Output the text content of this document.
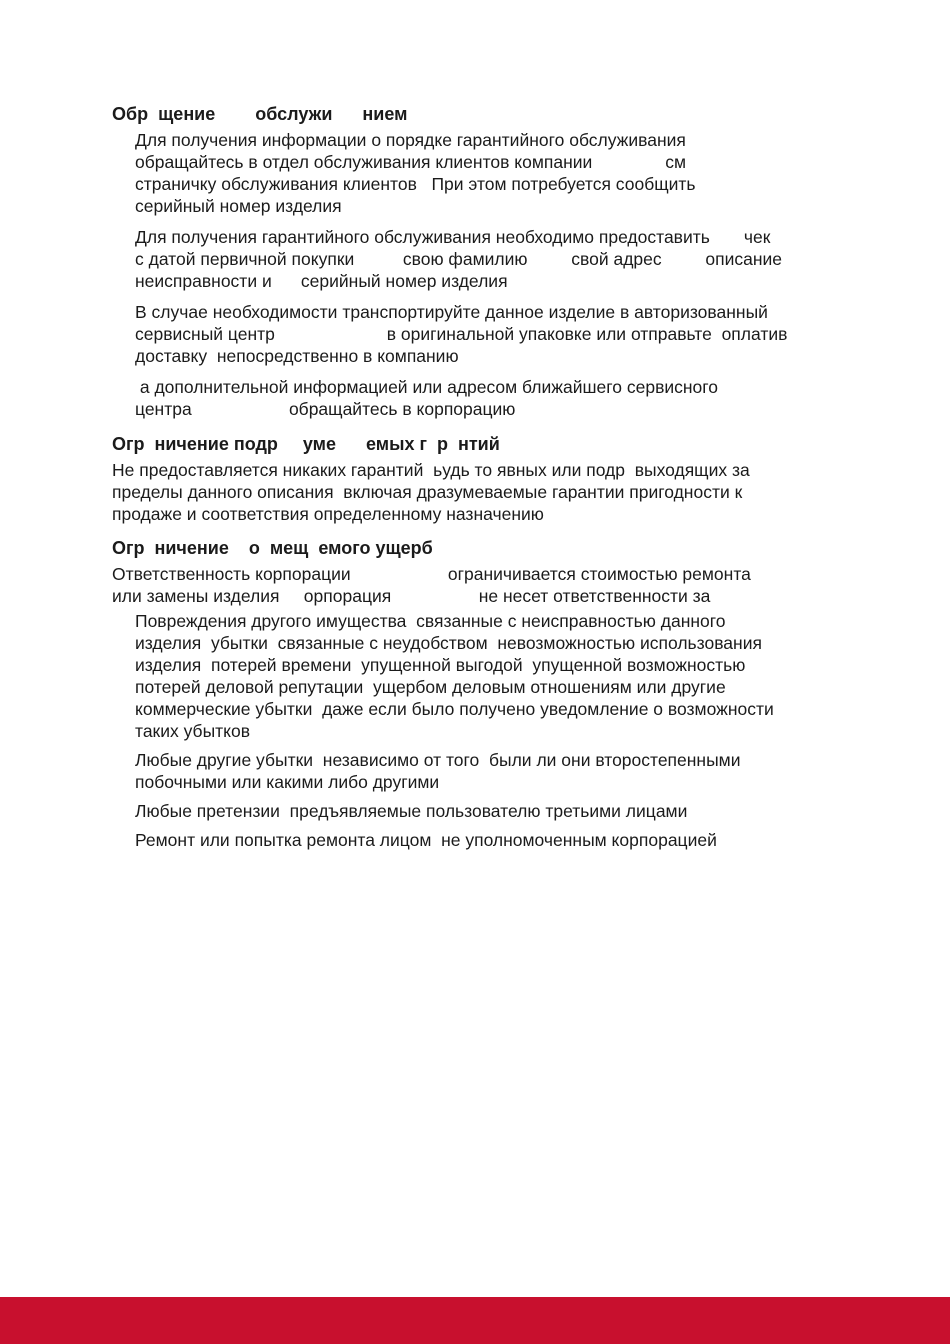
Обр  щение        обслужи      нием
Для получения информации о порядке гарантийного обслуживания
обращайтесь в отдел обслуживания клиентов компании               см
страничку обслуживания клиентов   При этом потребуется сообщить
серийный номер изделия
Для получения гарантийного обслуживания необходимо предоставить       чек
с датой первичной покупки          свою фамилию         свой адрес         описание
неисправности и      серийный номер изделия
В случае необходимости транспортируйте данное изделие в авторизованный
сервисный центр                       в оригинальной упаковке или отправьте  оплатив
доставку  непосредственно в компанию
а дополнительной информацией или адресом ближайшего сервисного
центра                    обращайтесь в корпорацию
Огр  ничение подр     уме      емых г  р  нтий
Не предоставляется никаких гарантий  ьудь то явных или подр  выходящих за
пределы данного описания  включая дразумеваемые гарантии пригодности к
продаже и соответствия определенному назначению
Огр  ничение    о  мещ  емого ущерб
Ответственность корпорации                    ограничивается стоимостью ремонта
или замены изделия     орпорация                  не несет ответственности за
Повреждения другого имущества  связанные с неисправностью данного
изделия  убытки  связанные с неудобством  невозможностью использования
изделия  потерей времени  упущенной выгодой  упущенной возможностью
потерей деловой репутации  ущербом деловым отношениям или другие
коммерческие убытки  даже если было получено уведомление о возможности
таких убытков
Любые другие убытки  независимо от того  были ли они второстепенными
побочными или какими либо другими
Любые претензии  предъявляемые пользователю третьими лицами
Ремонт или попытка ремонта лицом  не уполномоченным корпорацией
